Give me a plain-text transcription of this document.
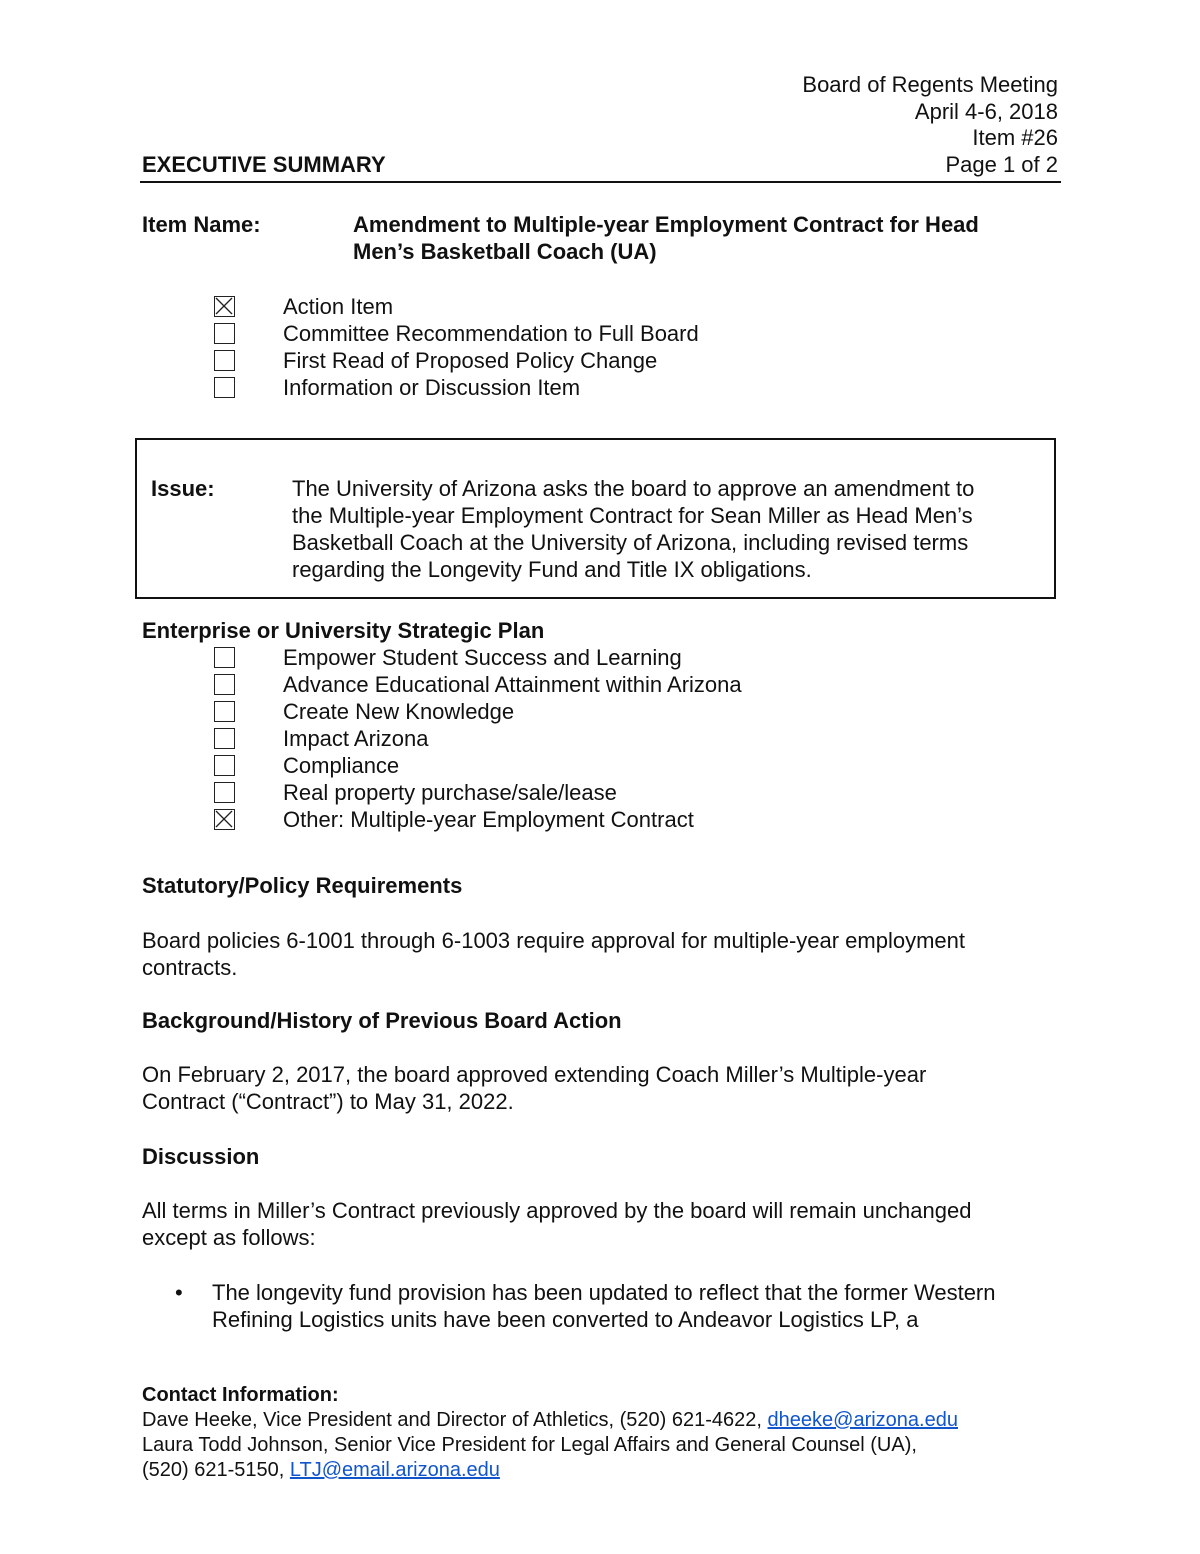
Board of Regents Meeting
April 4-6, 2018
Item #26
Page 1 of 2
EXECUTIVE SUMMARY
Item Name:	Amendment to Multiple-year Employment Contract for Head
Men’s Basketball Coach (UA)
Action Item
Committee Recommendation to Full Board
First Read of Proposed Policy Change
Information or Discussion Item
Issue:	The University of Arizona asks the board to approve an amendment to
the Multiple-year Employment Contract for Sean Miller as Head Men’s
Basketball Coach at the University of Arizona, including revised terms
regarding the Longevity Fund and Title IX obligations.
Enterprise or University Strategic Plan
Empower Student Success and Learning
Advance Educational Attainment within Arizona
Create New Knowledge
Impact Arizona
Compliance
Real property purchase/sale/lease
Other: Multiple-year Employment Contract
Statutory/Policy Requirements
Board policies 6-1001 through 6-1003 require approval for multiple-year employment
contracts.
Background/History of Previous Board Action
On February 2, 2017, the board approved extending Coach Miller’s Multiple-year
Contract (“Contract”) to May 31, 2022.
Discussion
All terms in Miller’s Contract previously approved by the board will remain unchanged
except as follows:
• The longevity fund provision has been updated to reflect that the former Western
Refining Logistics units have been converted to Andeavor Logistics LP, a
Contact Information:
Dave Heeke, Vice President and Director of Athletics, (520) 621-4622, dheeke@arizona.edu
Laura Todd Johnson, Senior Vice President for Legal Affairs and General Counsel (UA),
(520) 621-5150, LTJ@email.arizona.edu
